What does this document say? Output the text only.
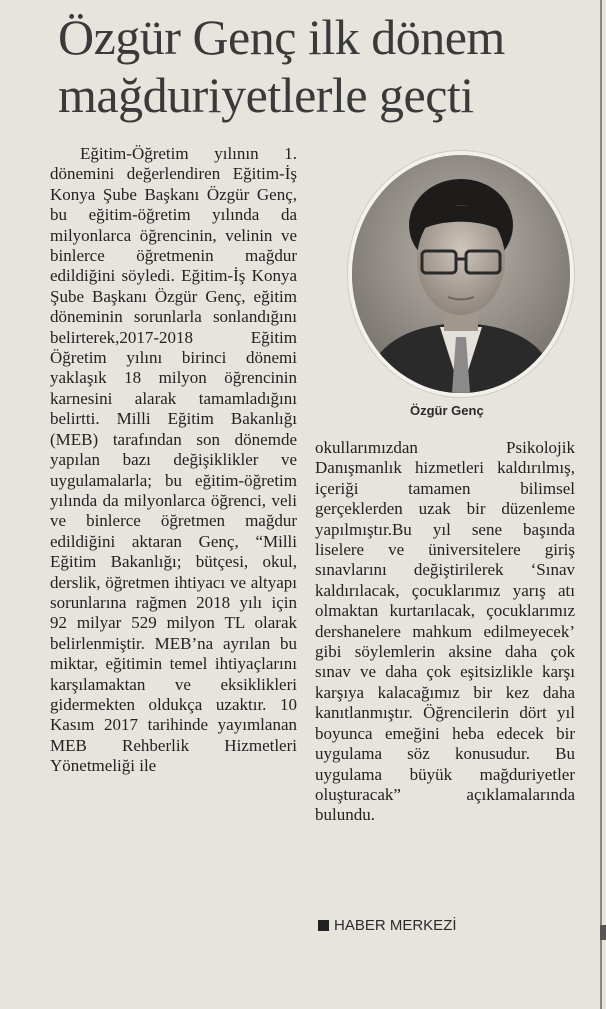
Özgür Genç ilk dönem
mağduriyetlerle geçti

Eğitim-Öğretim yılının 1. dönemini değerlendiren Eğitim-İş Konya Şube Başkanı Özgür Genç, bu eğitim-öğretim yılında da milyonlarca öğrencinin, velinin ve binlerce öğretmenin mağdur edildiğini söyledi. Eğitim-İş Konya Şube Başkanı Özgür Genç, eğitim döneminin sorunlarla sonlandığını belirterek,2017-2018 Eğitim Öğretim yılını birinci dönemi yaklaşık 18 milyon öğrencinin karnesini alarak tamamladığını belirtti. Milli Eğitim Bakanlığı (MEB) tarafından son dönemde yapılan bazı değişiklikler ve uygulamalarla; bu eğitim-öğretim yılında da milyonlarca öğrenci, veli ve binlerce öğretmen mağdur edildiğini aktaran Genç, “Milli Eğitim Bakanlığı; bütçesi, okul, derslik, öğretmen ihtiyacı ve altyapı sorunlarına rağmen 2018 yılı için 92 milyar 529 milyon TL olarak belirlenmiştir. MEB’na ayrılan bu miktar, eğitimin temel ihtiyaçlarını karşılamaktan ve eksiklikleri gidermekten oldukça uzaktır. 10 Kasım 2017 tarihinde yayımlanan MEB Rehberlik Hizmetleri Yönetmeliği ile

Özgür Genç

okullarımızdan Psikolojik Danışmanlık hizmetleri kaldırılmış, içeriği tamamen bilimsel gerçeklerden uzak bir düzenleme yapılmıştır.Bu yıl sene başında liselere ve üniversitelere giriş sınavlarını değiştirilerek ‘Sınav kaldırılacak, çocuklarımız yarış atı olmaktan kurtarılacak, çocuklarımız dershanelere mahkum edilmeyecek’ gibi söylemlerin aksine daha çok sınav ve daha çok eşitsizlikle karşı karşıya kalacağımız bir kez daha kanıtlanmıştır. Öğrencilerin dört yıl boyunca emeğini heba edecek bir uygulama söz konusudur. Bu uygulama büyük mağduriyetler oluşturacak” açıklamalarında bulundu.

HABER MERKEZİ
